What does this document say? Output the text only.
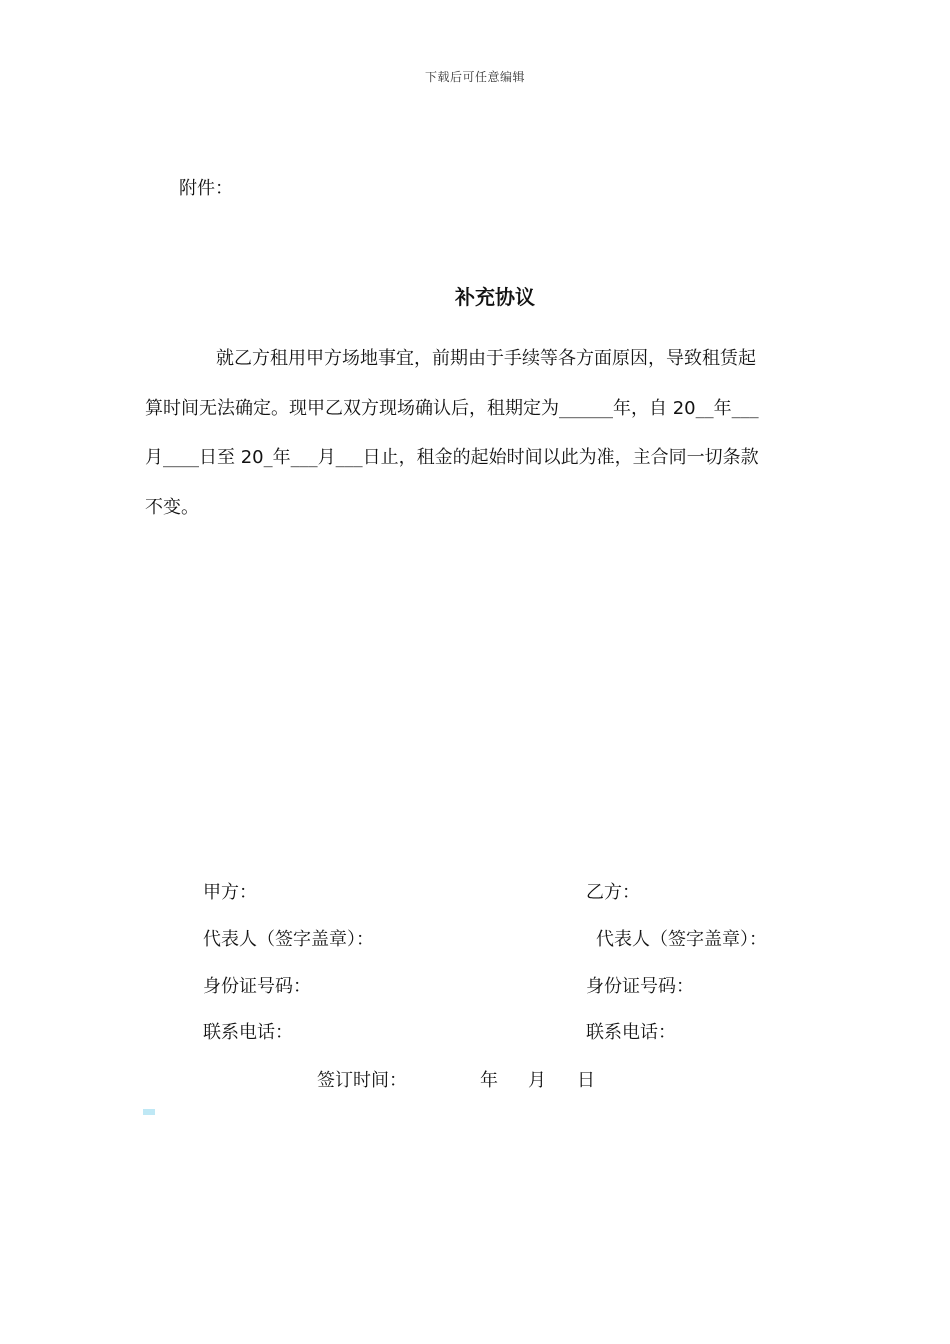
下载后可任意编辑
附件：
补充协议
就乙方租用甲方场地事宜，前期由于手续等各方面原因，导致租赁起
算时间无法确定。现甲乙双方现场确认后，租期定为______年，自 20__年___
月____日至 20_年___月___日止，租金的起始时间以此为准，主合同一切条款
不变。
甲方：	乙方：
代表人（签字盖章）：	代表人（签字盖章）：
身份证号码：	身份证号码：
联系电话：	联系电话：
签订时间：	年 月 日
